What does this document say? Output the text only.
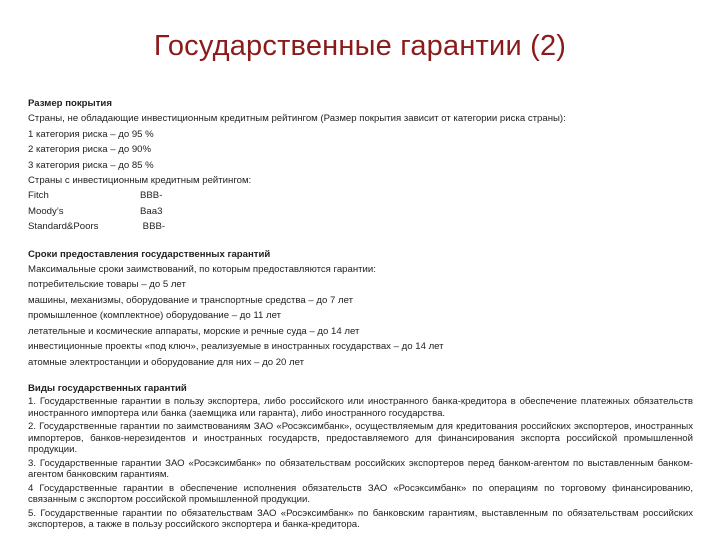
Государственные гарантии (2)
Размер покрытия
Страны, не обладающие инвестиционным кредитным рейтингом (Размер покрытия зависит от категории риска страны):
1 категория риска – до 95 %
2 категория риска – до 90%
3 категория риска – до 85 %
Страны с инвестиционным кредитным рейтингом:
Fitch	BBB-
Moody’s	Baa3
Standard&Poors	BBB-
Сроки предоставления государственных гарантий
Максимальные сроки заимствований, по которым предоставляются гарантии:
потребительские товары – до 5 лет
машины, механизмы, оборудование и транспортные средства – до 7 лет
промышленное (комплектное) оборудование – до 11 лет
летательные и космические аппараты, морские и речные суда – до 14 лет
инвестиционные проекты «под ключ», реализуемые в иностранных государствах – до 14 лет
атомные электростанции и оборудование для них – до 20 лет
Виды государственных гарантий
1. Государственные гарантии в пользу экспортера, либо российского или иностранного банка-кредитора в обеспечение платежных обязательств иностранного импортера или банка (заемщика или гаранта), либо иностранного государства.
2. Государственные гарантии по заимствованиям ЗАО «Росэксимбанк», осуществляемым для кредитования российских экспортеров, иностранных импортеров, банков-нерезидентов и иностранных государств, предоставляемого для финансирования экспорта российской промышленной продукции.
3. Государственные гарантии ЗАО «Росэксимбанк» по обязательствам российских экспортеров перед банком-агентом по выставленным банком-агентом банковским гарантиям.
4 Государственные гарантии в обеспечение исполнения обязательств ЗАО «Росэксимбанк» по операциям по торговому финансированию, связанным с экспортом российской промышленной продукции.
5. Государственные гарантии по обязательствам ЗАО «Росэксимбанк» по банковским гарантиям, выставленным по обязательствам российских экспортеров, а также в пользу российского экспортера и банка-кредитора.
